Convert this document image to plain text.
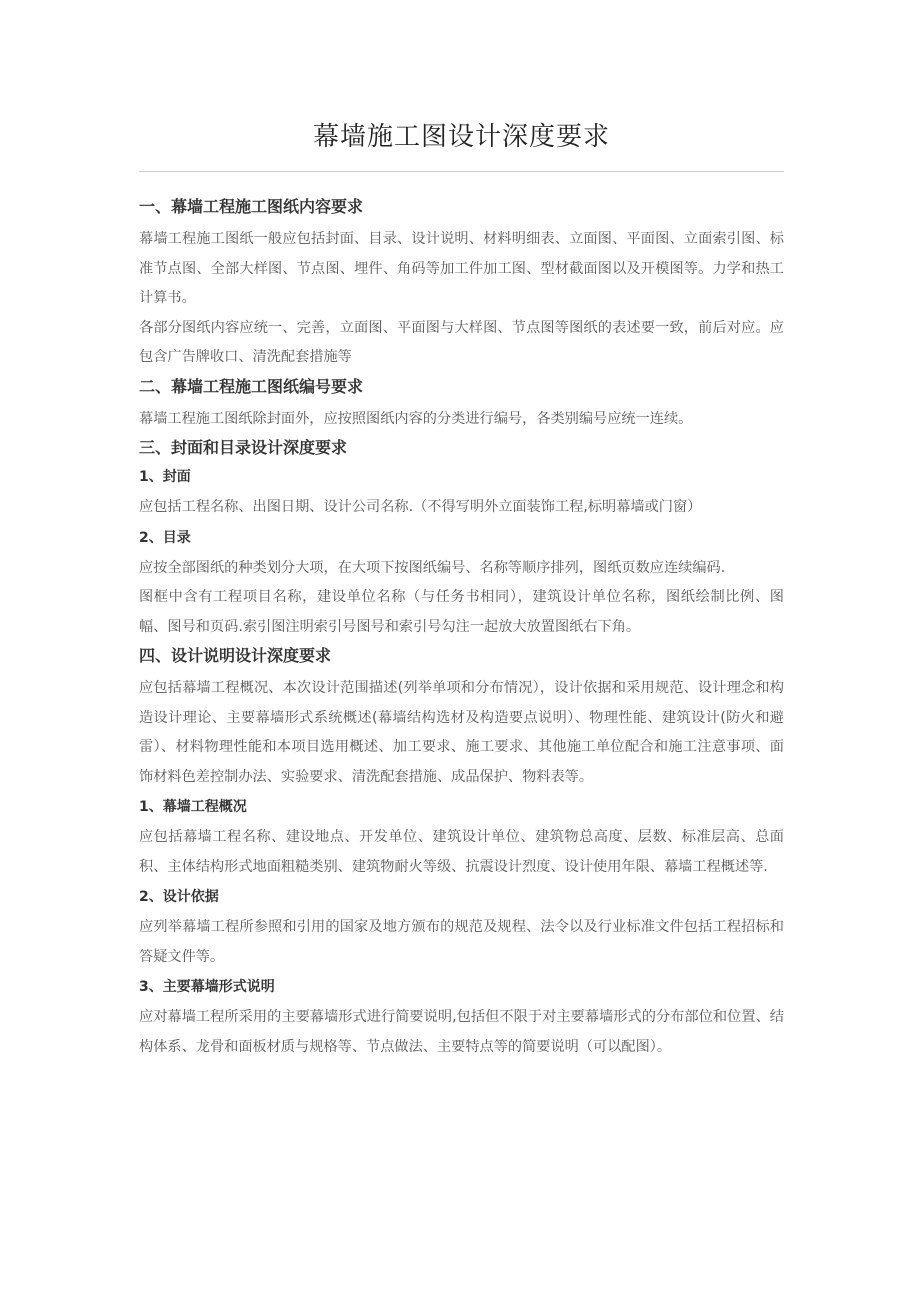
幕墙施工图设计深度要求
一、幕墙工程施工图纸内容要求

幕墙工程施工图纸一般应包括封面、目录、设计说明、材料明细表、立面图、平面图、立面索引图、标准节点图、全部大样图、节点图、埋件、角码等加工件加工图、型材截面图以及开模图等。力学和热工计算书。

各部分图纸内容应统一、完善，立面图、平面图与大样图、节点图等图纸的表述要一致，前后对应。应包含广告牌收口、清洗配套措施等

二、幕墙工程施工图纸编号要求

幕墙工程施工图纸除封面外，应按照图纸内容的分类进行编号，各类别编号应统一连续。

三、封面和目录设计深度要求
1、封面

应包括工程名称、出图日期、设计公司名称.（不得写明外立面装饰工程,标明幕墙或门窗）

2、目录

应按全部图纸的种类划分大项，在大项下按图纸编号、名称等顺序排列，图纸页数应连续编码.

图框中含有工程项目名称，建设单位名称（与任务书相同），建筑设计单位名称，图纸绘制比例、图幅、图号和页码.索引图注明索引号图号和索引号勾注一起放大放置图纸右下角。

四、设计说明设计深度要求

应包括幕墙工程概况、本次设计范围描述(列举单项和分布情况），设计依据和采用规范、设计理念和构造设计理论、主要幕墙形式系统概述(幕墙结构选材及构造要点说明）、物理性能、建筑设计(防火和避雷）、材料物理性能和本项目选用概述、加工要求、施工要求、其他施工单位配合和施工注意事项、面饰材料色差控制办法、实验要求、清洗配套措施、成品保护、物料表等。

1、幕墙工程概况

应包括幕墙工程名称、建设地点、开发单位、建筑设计单位、建筑物总高度、层数、标准层高、总面积、主体结构形式地面粗糙类别、建筑物耐火等级、抗震设计烈度、设计使用年限、幕墙工程概述等.

2、设计依据

应列举幕墙工程所参照和引用的国家及地方颁布的规范及规程、法令以及行业标准文件包括工程招标和答疑文件等。

3、主要幕墙形式说明

应对幕墙工程所采用的主要幕墙形式进行简要说明,包括但不限于对主要幕墙形式的分布部位和位置、结构体系、龙骨和面板材质与规格等、节点做法、主要特点等的简要说明（可以配图）。
